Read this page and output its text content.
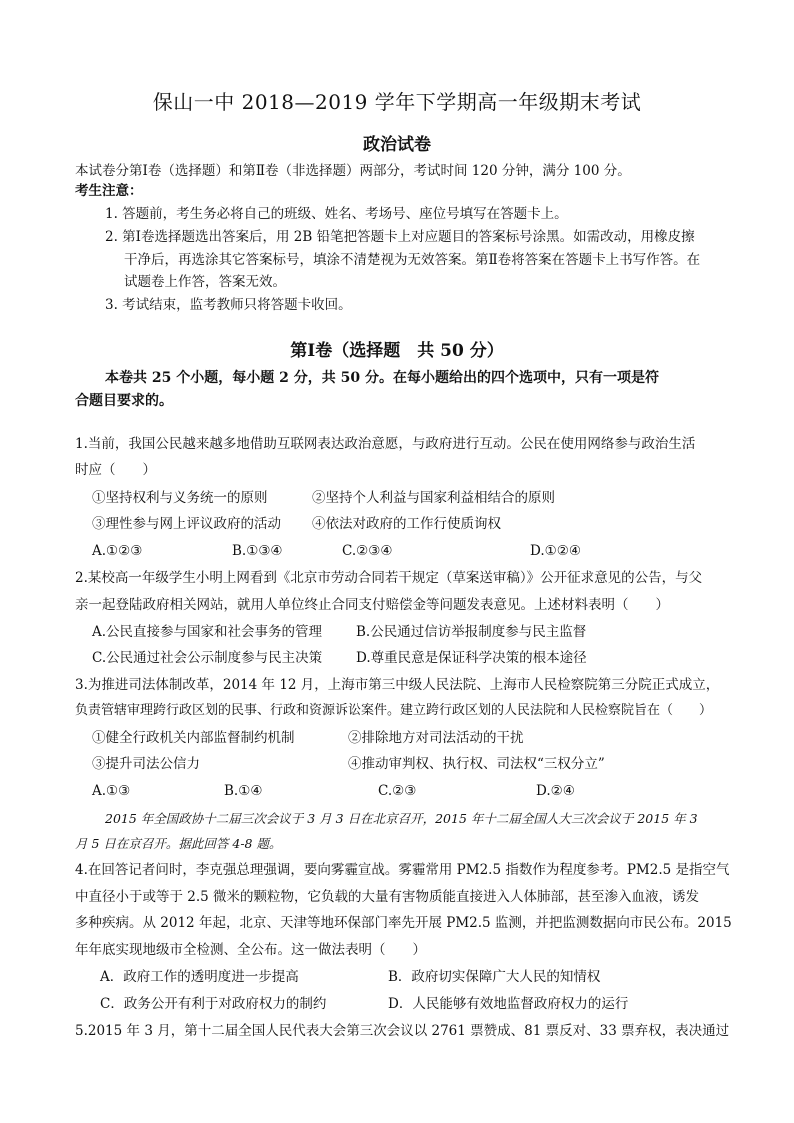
保山一中 2018—2019 学年下学期高一年级期末考试
政治试卷
本试卷分第Ⅰ卷（选择题）和第Ⅱ卷（非选择题）两部分，考试时间 120 分钟，满分 100 分。
考生注意：
1. 答题前，考生务必将自己的班级、姓名、考场号、座位号填写在答题卡上。
2. 第Ⅰ卷选择题选出答案后，用 2B 铅笔把答题卡上对应题目的答案标号涂黑。如需改动，用橡皮擦
干净后，再选涂其它答案标号，填涂不清楚视为无效答案。第Ⅱ卷将答案在答题卡上书写作答。在
试题卷上作答，答案无效。
3. 考试结束，监考教师只将答题卡收回。
第Ⅰ卷（选择题　共 50 分）
本卷共 25 个小题，每小题 2 分，共 50 分。在每小题给出的四个选项中，只有一项是符
合题目要求的。
1.当前，我国公民越来越多地借助互联网表达政治意愿，与政府进行互动。公民在使用网络参与政治生活
时应（　　）
①坚持权利与义务统一的原则	②坚持个人利益与国家利益相结合的原则
③理性参与网上评议政府的活动 ④依法对政府的工作行使质询权
A.①②③	B.①③④	C.②③④	D.①②④
2.某校高一年级学生小明上网看到《北京市劳动合同若干规定（草案送审稿）》公开征求意见的公告，与父
亲一起登陆政府相关网站，就用人单位终止合同支付赔偿金等问题发表意见。上述材料表明（　　）
A.公民直接参与国家和社会事务的管理	B.公民通过信访举报制度参与民主监督
C.公民通过社会公示制度参与民主决策	D.尊重民意是保证科学决策的根本途径
3.为推进司法体制改革，2014 年 12 月，上海市第三中级人民法院、上海市人民检察院第三分院正式成立，
负责管辖审理跨行政区划的民事、行政和资源诉讼案件。建立跨行政区划的人民法院和人民检察院旨在（　　）
①健全行政机关内部监督制约机制	②排除地方对司法活动的干扰
③提升司法公信力	④推动审判权、执行权、司法权“三权分立”
A.①③	B.①④	C.②③	D.②④
2015 年全国政协十二届三次会议于 3 月 3 日在北京召开，2015 年十二届全国人大三次会议于 2015 年 3
月 5 日在京召开。据此回答 4-8 题。
4.在回答记者问时，李克强总理强调，要向雾霾宣战。雾霾常用 PM2.5 指数作为程度参考。PM2.5 是指空气
中直径小于或等于 2.5 微米的颗粒物，它负载的大量有害物质能直接进入人体肺部，甚至渗入血液，诱发
多种疾病。从 2012 年起，北京、天津等地环保部门率先开展 PM2.5 监测，并把监测数据向市民公布。2015
年年底实现地级市全检测、全公布。这一做法表明（　　）
A．政府工作的透明度进一步提高	B．政府切实保障广大人民的知情权
C．政务公开有利于对政府权力的制约	D．人民能够有效地监督政府权力的运行
5.2015 年 3 月，第十二届全国人民代表大会第三次会议以 2761 票赞成、81 票反对、33 票弃权，表决通过
